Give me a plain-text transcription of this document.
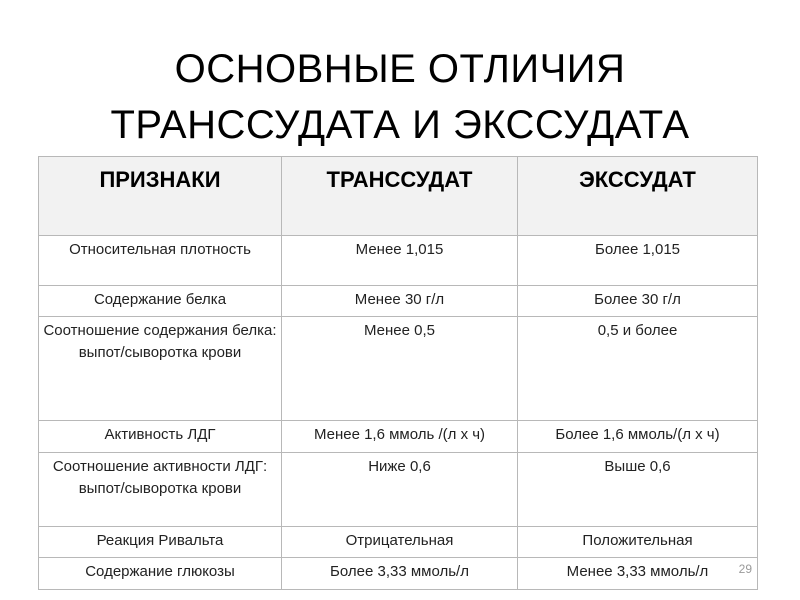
ОСНОВНЫЕ ОТЛИЧИЯ
ТРАНССУДАТА И ЭКССУДАТА
ПРИЗНАКИ	ТРАНССУДАТ	ЭКССУДАТ
Относительная плотность	Менее 1,015	Более 1,015
Содержание белка	Менее 30 г/л	Более 30 г/л
Соотношение содержания белка: выпот/сыворотка крови	Менее 0,5	0,5 и более
Активность ЛДГ	Менее 1,6 ммоль /(л х ч)	Более 1,6 ммоль/(л х ч)
Соотношение активности ЛДГ: выпот/сыворотка крови	Ниже 0,6	Выше 0,6
Реакция Ривальта	Отрицательная	Положительная
Содержание глюкозы	Более 3,33 ммоль/л	Менее 3,33 ммоль/л	29
